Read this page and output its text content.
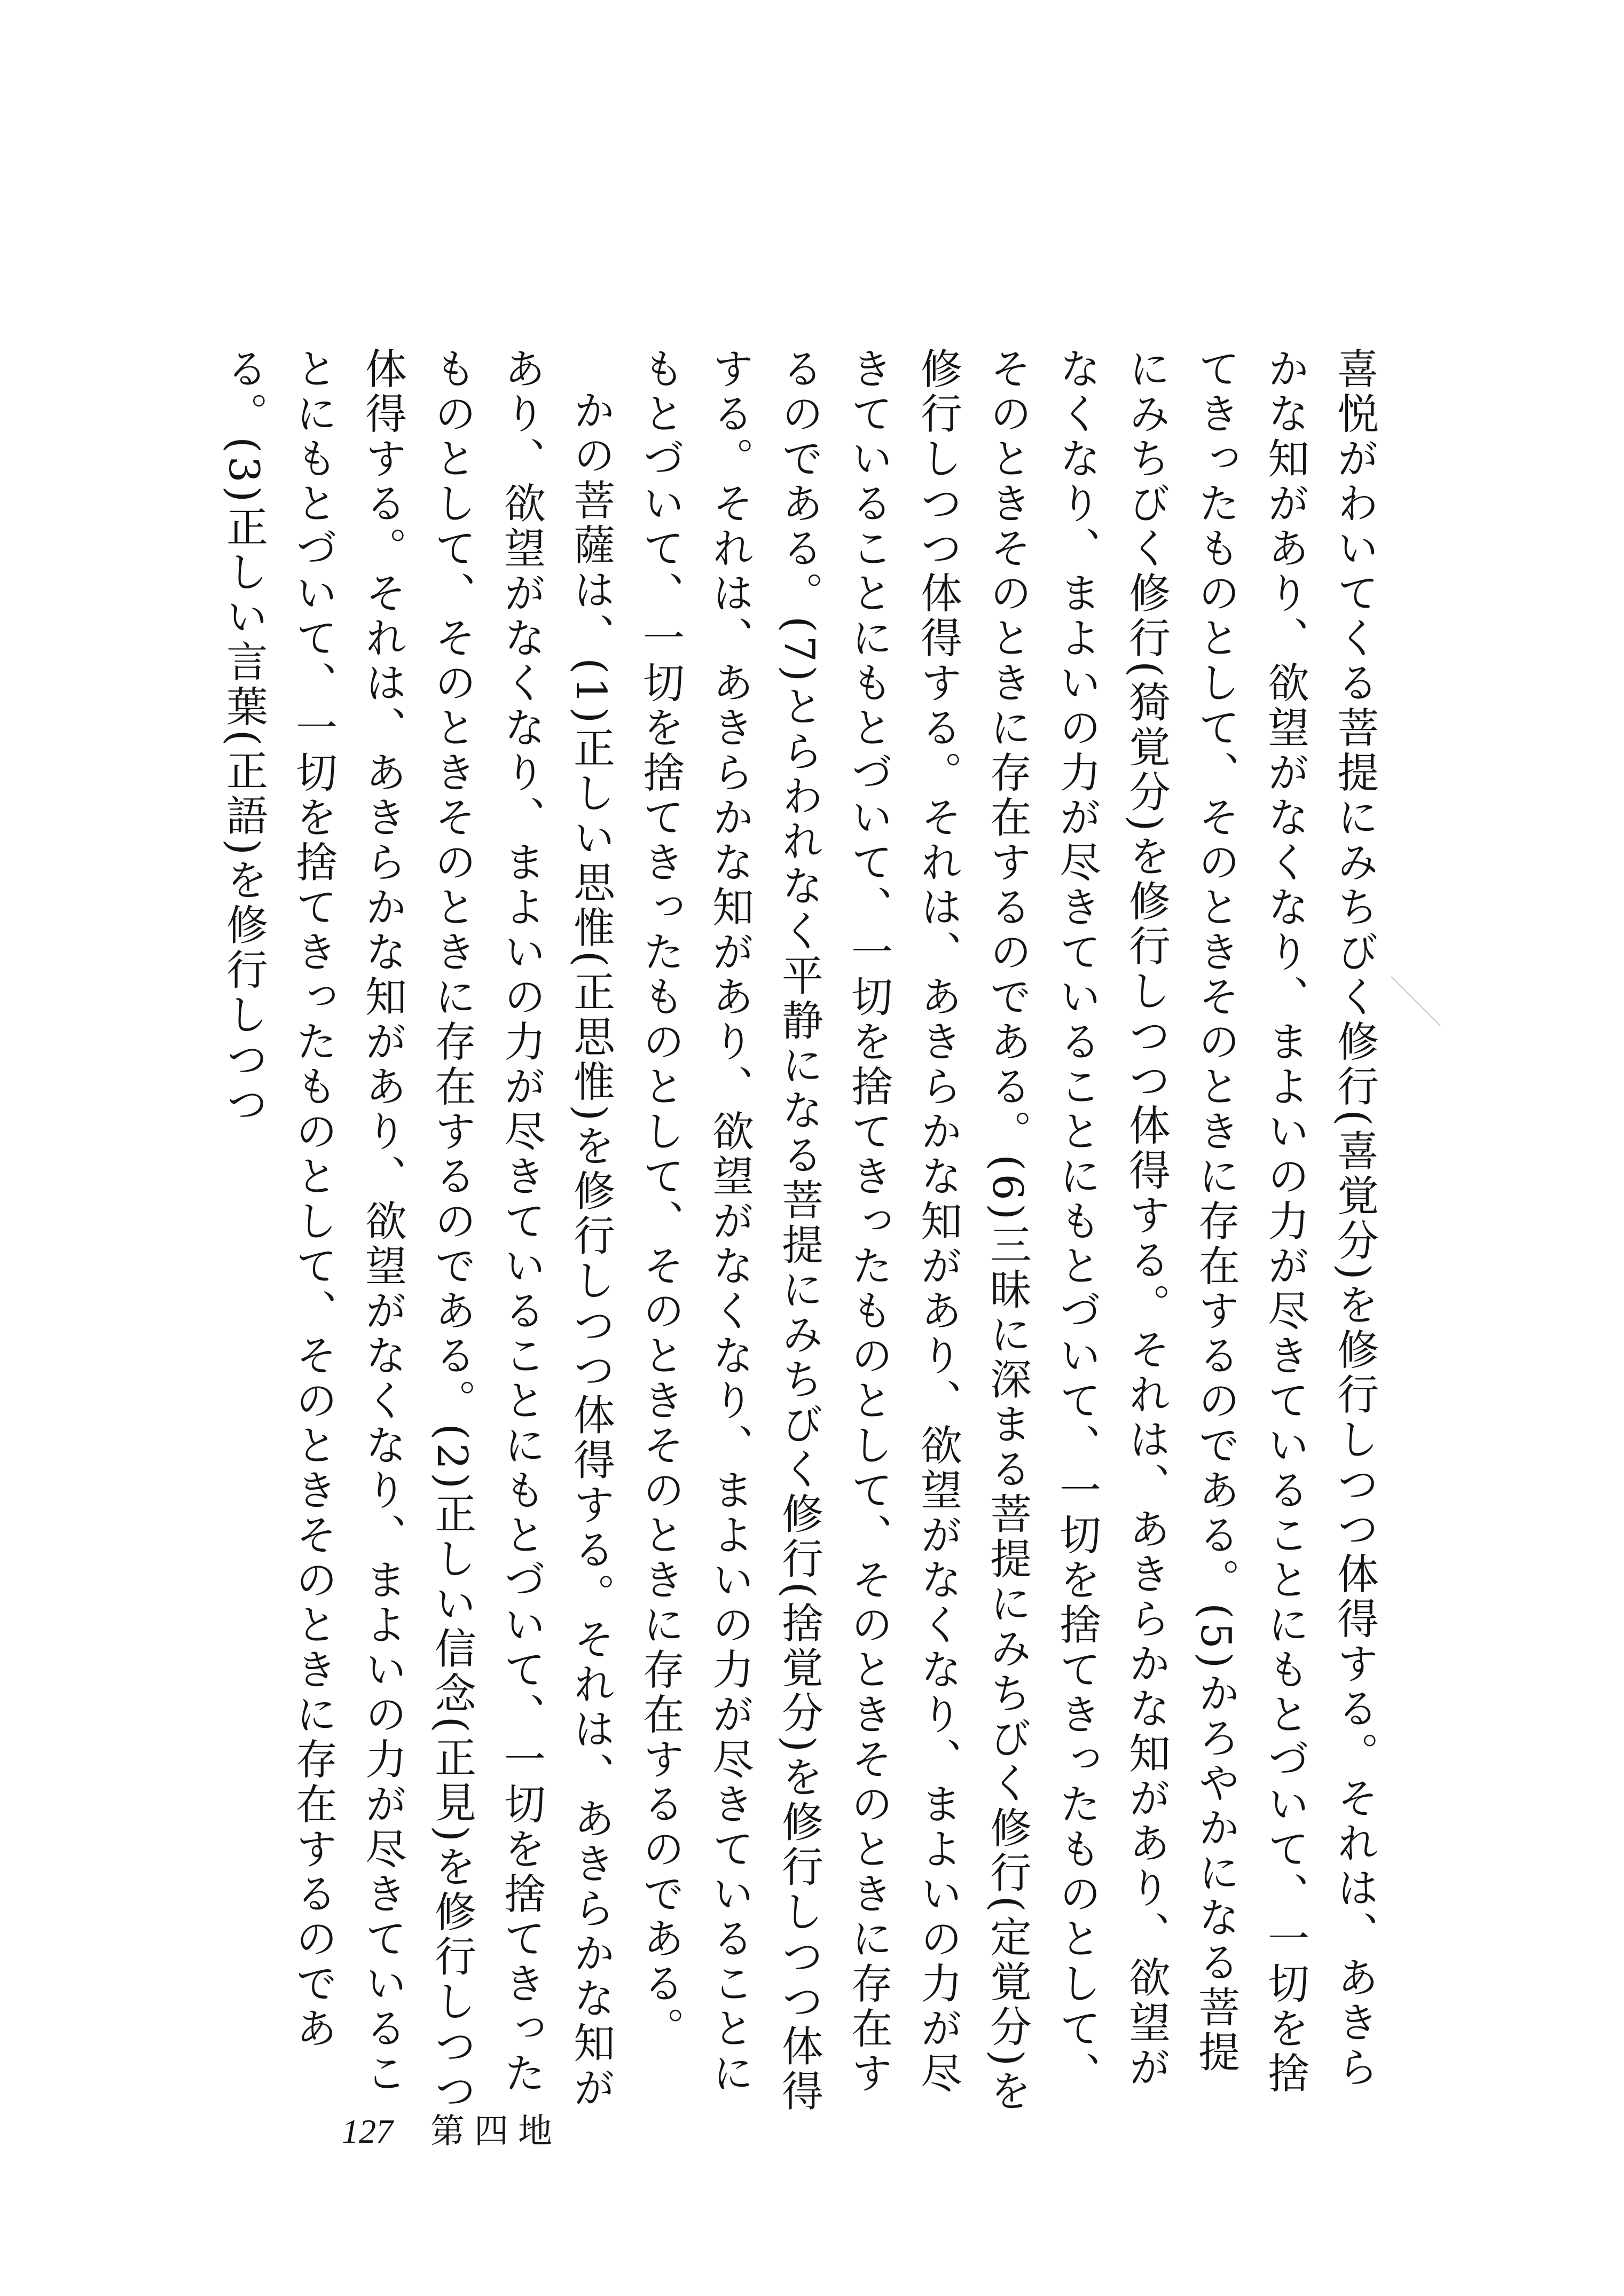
喜悦がわいてくる菩提にみちびく修行(喜覚分)を修行しつつ体得する。それは、あきらかな知があり、欲望がなくなり、まよいの力が尽きていることにもとづいて、一切を捨てきったものとして、そのときそのときに存在するのである。(5)かろやかになる菩提にみちびく修行(猗覚分)を修行しつつ体得する。それは、あきらかな知があり、欲望がなくなり、まよいの力が尽きていることにもとづいて、一切を捨てきったものとして、そのときそのときに存在するのである。(6)三昧に深まる菩提にみちびく修行(定覚分)を修行しつつ体得する。それは、あきらかな知があり、欲望がなくなり、まよいの力が尽きていることにもとづいて、一切を捨てきったものとして、そのときそのときに存在するのである。(7)とらわれなく平静になる菩提にみちびく修行(捨覚分)を修行しつつ体得する。それは、あきらかな知があり、欲望がなくなり、まよいの力が尽きていることにもとづいて、一切を捨てきったものとして、そのときそのときに存在するのである。

かの菩薩は、(1)正しい思惟(正思惟)を修行しつつ体得する。それは、あきらかな知があり、欲望がなくなり、まよいの力が尽きていることにもとづいて、一切を捨てきったものとして、そのときそのときに存在するのである。(2)正しい信念(正見)を修行しつつ体得する。それは、あきらかな知があり、欲望がなくなり、まよいの力が尽きていることにもとづいて、一切を捨てきったものとして、そのときそのときに存在するのである。(3)正しい言葉(正語)を修行しつつ

127 第四地
